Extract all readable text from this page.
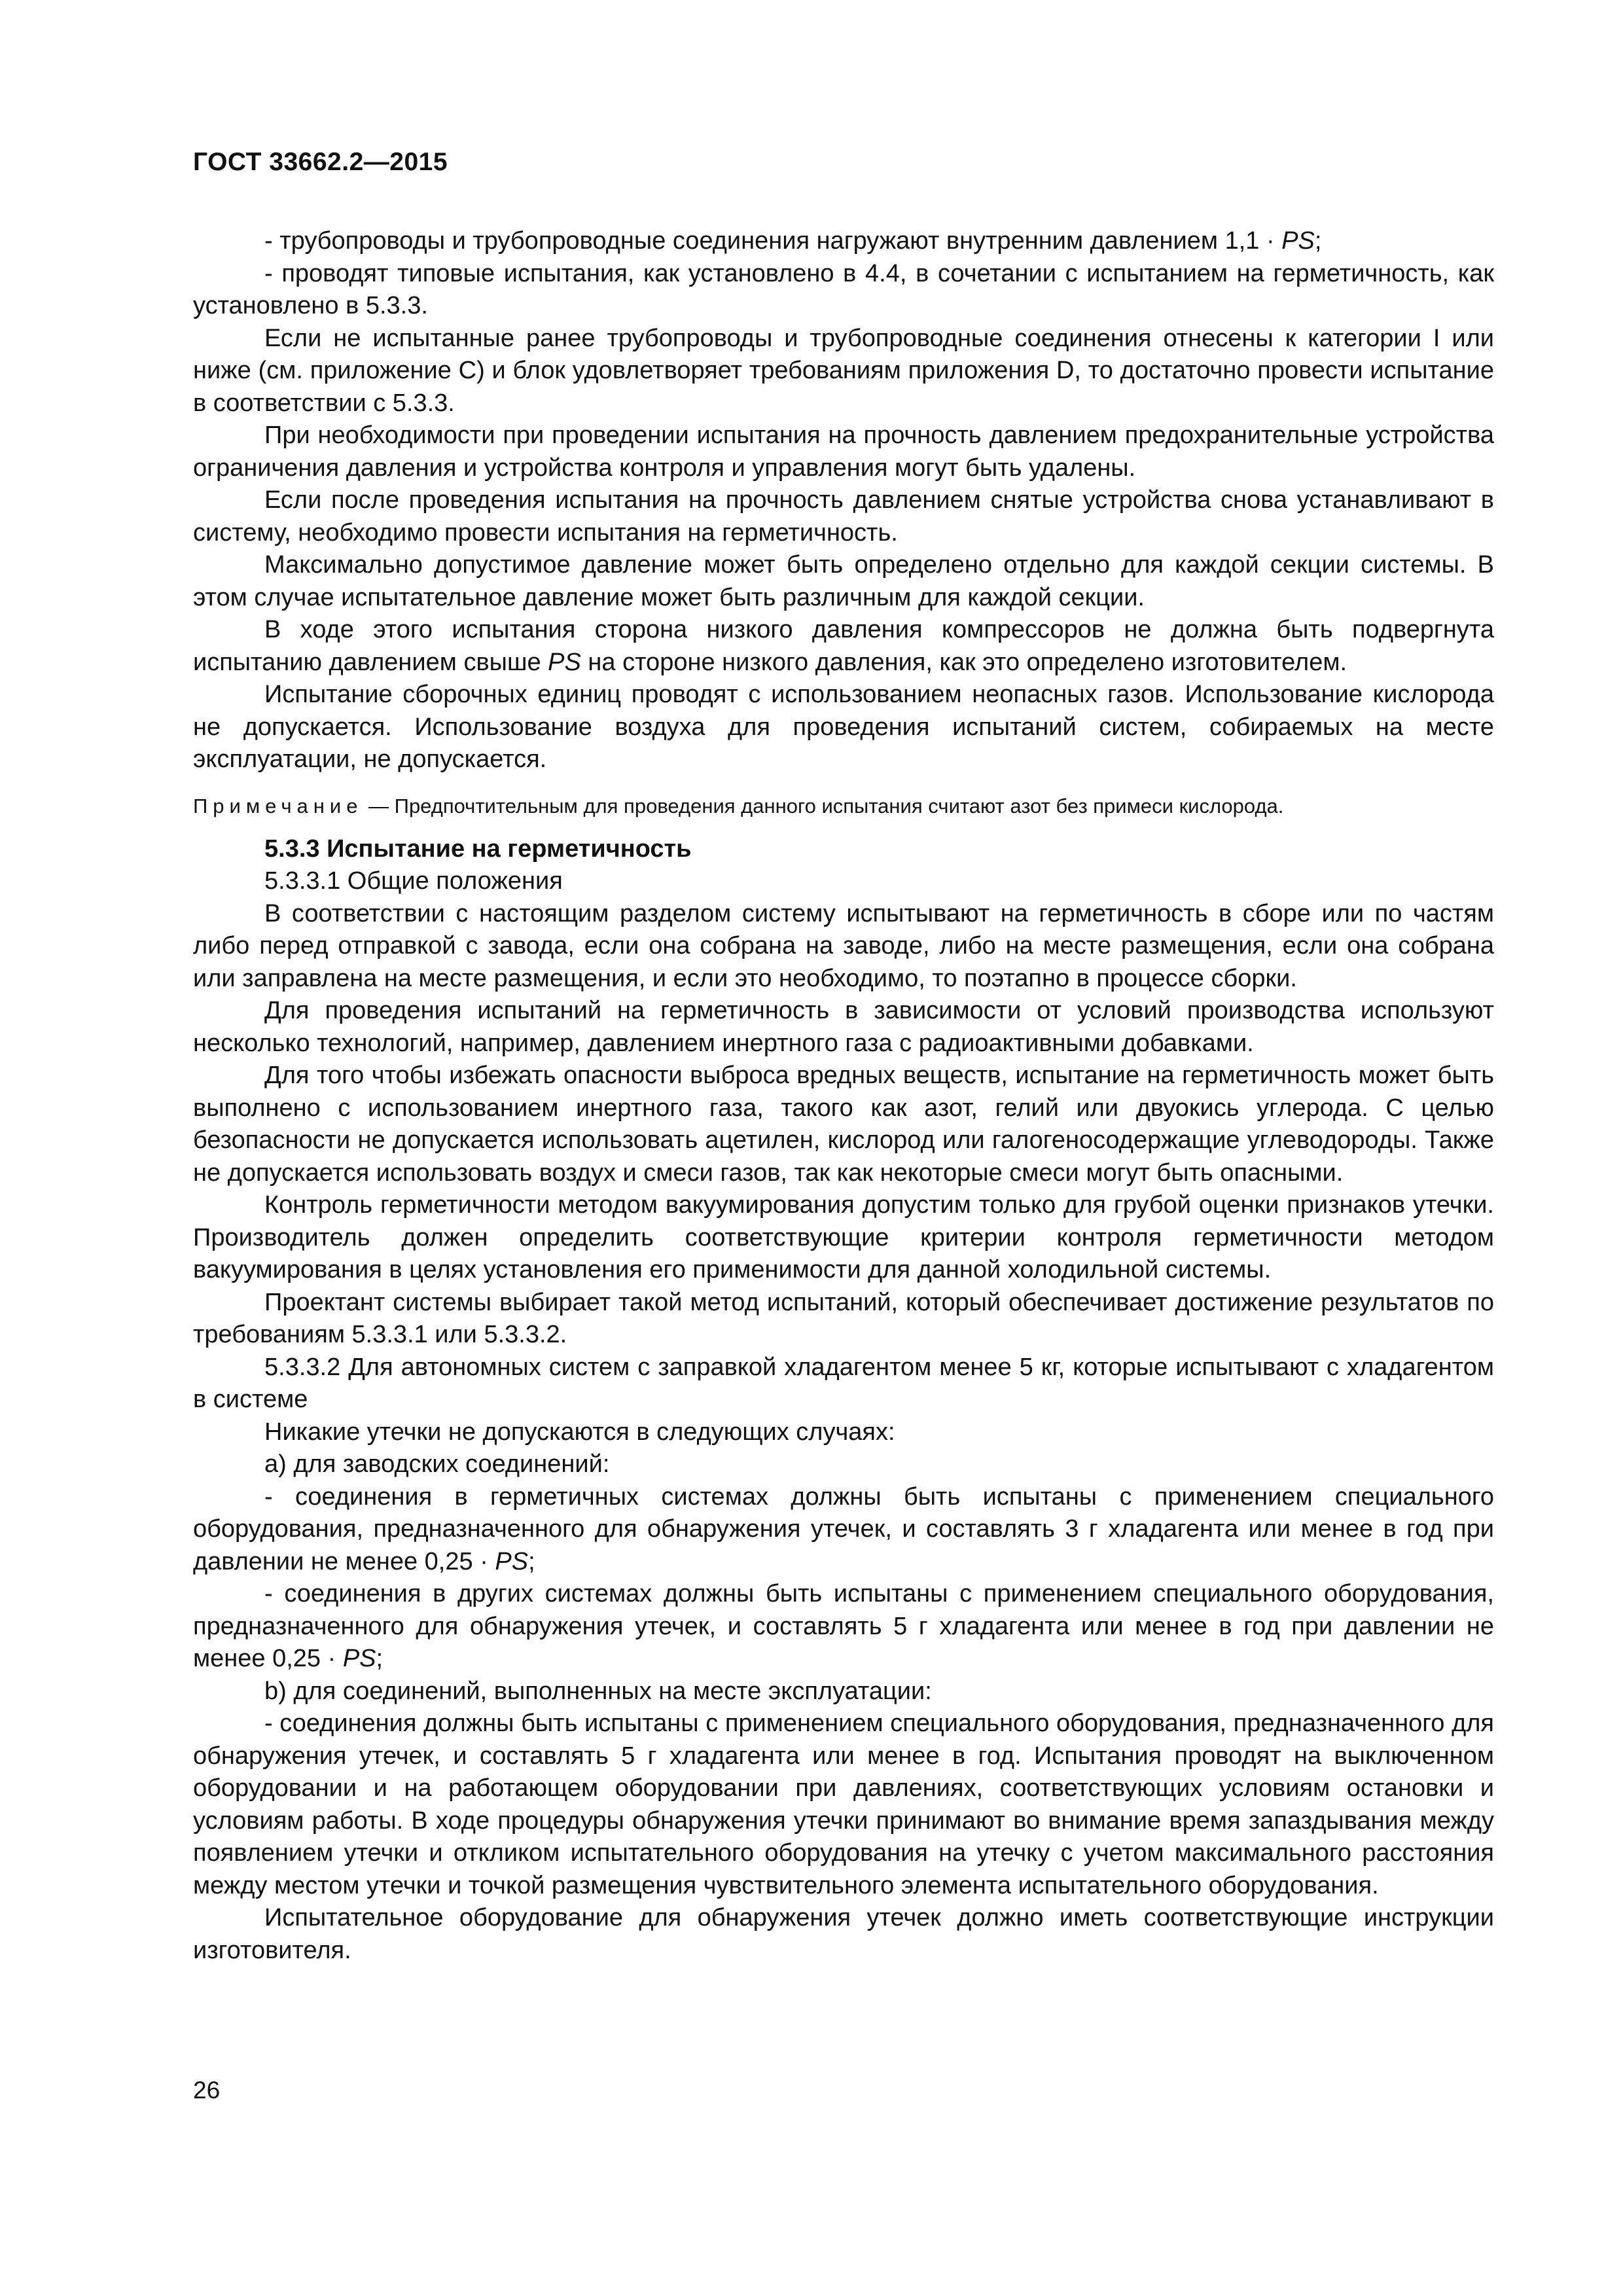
ГОСТ 33662.2—2015

- трубопроводы и трубопроводные соединения нагружают внутренним давлением 1,1 · PS;

- проводят типовые испытания, как установлено в 4.4, в сочетании с испытанием на герметичность, как установлено в 5.3.3.

Если не испытанные ранее трубопроводы и трубопроводные соединения отнесены к категории I или ниже (см. приложение С) и блок удовлетворяет требованиям приложения D, то достаточно провести испытание в соответствии с 5.3.3.

При необходимости при проведении испытания на прочность давлением предохранительные устройства ограничения давления и устройства контроля и управления могут быть удалены.

Если после проведения испытания на прочность давлением снятые устройства снова устанавливают в систему, необходимо провести испытания на герметичность.

Максимально допустимое давление может быть определено отдельно для каждой секции системы. В этом случае испытательное давление может быть различным для каждой секции.

В ходе этого испытания сторона низкого давления компрессоров не должна быть подвергнута испытанию давлением свыше PS на стороне низкого давления, как это определено изготовителем.

Испытание сборочных единиц проводят с использованием неопасных газов. Использование кислорода не допускается. Использование воздуха для проведения испытаний систем, собираемых на месте эксплуатации, не допускается.

Примечание — Предпочтительным для проведения данного испытания считают азот без примеси кислорода.

5.3.3 Испытание на герметичность

5.3.3.1 Общие положения

В соответствии с настоящим разделом систему испытывают на герметичность в сборе или по частям либо перед отправкой с завода, если она собрана на заводе, либо на месте размещения, если она собрана или заправлена на месте размещения, и если это необходимо, то поэтапно в процессе сборки.

Для проведения испытаний на герметичность в зависимости от условий производства используют несколько технологий, например, давлением инертного газа с радиоактивными добавками.

Для того чтобы избежать опасности выброса вредных веществ, испытание на герметичность может быть выполнено с использованием инертного газа, такого как азот, гелий или двуокись углерода. С целью безопасности не допускается использовать ацетилен, кислород или галогеносодержащие углеводороды. Также не допускается использовать воздух и смеси газов, так как некоторые смеси могут быть опасными.

Контроль герметичности методом вакуумирования допустим только для грубой оценки признаков утечки. Производитель должен определить соответствующие критерии контроля герметичности методом вакуумирования в целях установления его применимости для данной холодильной системы.

Проектант системы выбирает такой метод испытаний, который обеспечивает достижение результатов по требованиям 5.3.3.1 или 5.3.3.2.

5.3.3.2 Для автономных систем с заправкой хладагентом менее 5 кг, которые испытывают с хладагентом в системе

Никакие утечки не допускаются в следующих случаях:

а) для заводских соединений:

- соединения в герметичных системах должны быть испытаны с применением специального оборудования, предназначенного для обнаружения утечек, и составлять 3 г хладагента или менее в год при давлении не менее 0,25 · PS;

- соединения в других системах должны быть испытаны с применением специального оборудования, предназначенного для обнаружения утечек, и составлять 5 г хладагента или менее в год при давлении не менее 0,25 · PS;

b) для соединений, выполненных на месте эксплуатации:

- соединения должны быть испытаны с применением специального оборудования, предназначенного для обнаружения утечек, и составлять 5 г хладагента или менее в год. Испытания проводят на выключенном оборудовании и на работающем оборудовании при давлениях, соответствующих условиям остановки и условиям работы. В ходе процедуры обнаружения утечки принимают во внимание время запаздывания между появлением утечки и откликом испытательного оборудования на утечку с учетом максимального расстояния между местом утечки и точкой размещения чувствительного элемента испытательного оборудования.

Испытательное оборудование для обнаружения утечек должно иметь соответствующие инструкции изготовителя.

26
